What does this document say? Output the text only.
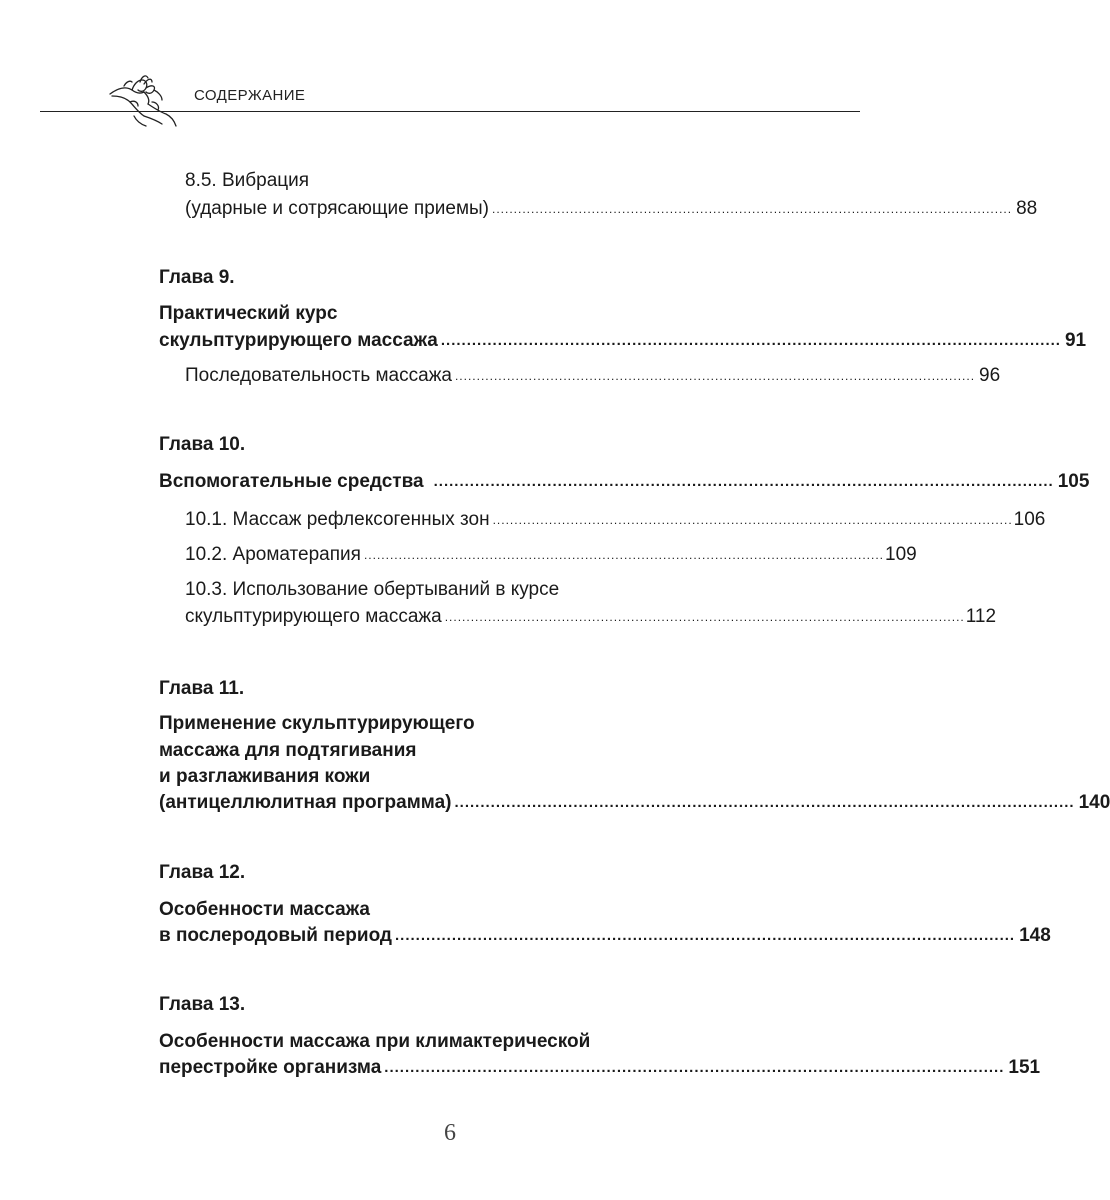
СОДЕРЖАНИЕ
8.5. Вибрация
(ударные и сотрясающие приемы) ........................................................................................................................ 88
Глава 9.
Практический курс
скульптурирующего массажа ........................................................................................................................ 91
Последовательность массажа ........................................................................................................................ 96
Глава 10.
Вспомогательные средства ........................................................................................................................ 105
10.1. Массаж рефлексогенных зон ........................................................................................................................ 106
10.2. Ароматерапия ........................................................................................................................ 109
10.3. Использование обертываний в курсе
скульптурирующего массажа ........................................................................................................................ 112
Глава 11.
Применение скульптурирующего
массажа для подтягивания
и разглаживания кожи
(антицеллюлитная программа) ........................................................................................................................ 140
Глава 12.
Особенности массажа
в послеродовый период ........................................................................................................................ 148
Глава 13.
Особенности массажа при климактерической
перестройке организма ........................................................................................................................ 151
6
